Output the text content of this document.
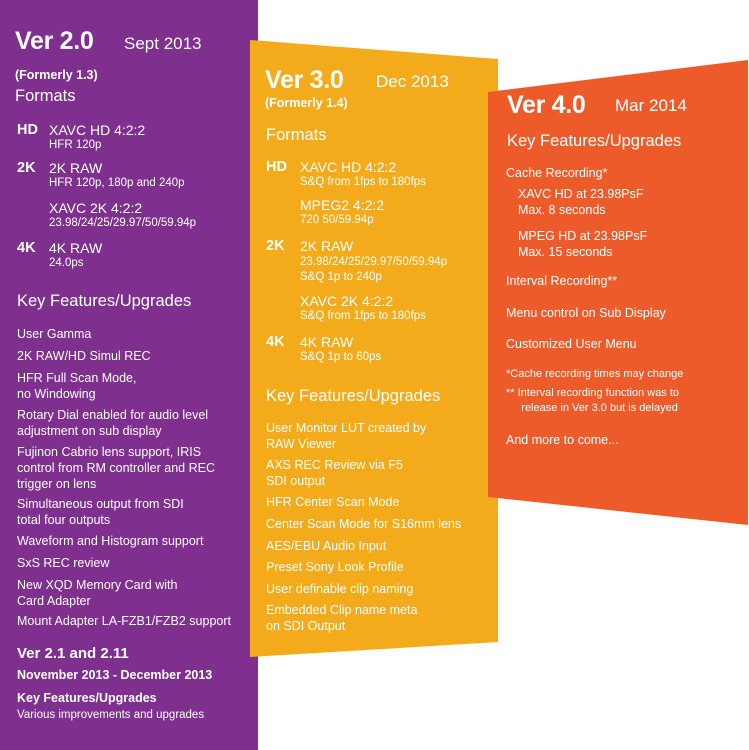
Ver 2.0 Sept 2013
(Formerly 1.3)
Formats
HD XAVC HD 4:2:2
HFR 120p
2K 2K RAW
HFR 120p, 180p and 240p
XAVC 2K 4:2:2
23.98/24/25/29.97/50/59.94p
4K 4K RAW
24.0ps
Key Features/Upgrades
User Gamma
2K RAW/HD Simul REC
HFR Full Scan Mode,
no Windowing
Rotary Dial enabled for audio level
adjustment on sub display
Fujinon Cabrio lens support, IRIS
control from RM controller and REC
trigger on lens
Simultaneous output from SDI
total four outputs
Waveform and Histogram support
SxS REC review
New XQD Memory Card with
Card Adapter
Mount Adapter LA-FZB1/FZB2 support
Ver 2.1 and 2.11
November 2013 - December 2013
Key Features/Upgrades
Various improvements and upgrades
Ver 3.0 Dec 2013
(Formerly 1.4)
Formats
HD XAVC HD 4:2:2
S&Q from 1fps to 180fps
MPEG2 4:2:2
720 50/59.94p
2K 2K RAW
23.98/24/25/29.97/50/59.94p
S&Q 1p to 240p
XAVC 2K 4:2:2
S&Q from 1fps to 180fps
4K 4K RAW
S&Q 1p to 60ps
Key Features/Upgrades
User Monitor LUT created by
RAW Viewer
AXS REC Review via F5
SDI output
HFR Center Scan Mode
Center Scan Mode for S16mm lens
AES/EBU Audio Input
Preset Sony Look Profile
User definable clip naming
Embedded Clip name meta
on SDI Output
Ver 4.0 Mar 2014
Key Features/Upgrades
Cache Recording*
XAVC HD at 23.98PsF
Max. 8 seconds
MPEG HD at 23.98PsF
Max. 15 seconds
Interval Recording**
Menu control on Sub Display
Customized User Menu
*Cache recording times may change
** Interval recording function was to
release in Ver 3.0 but is delayed
And more to come...
